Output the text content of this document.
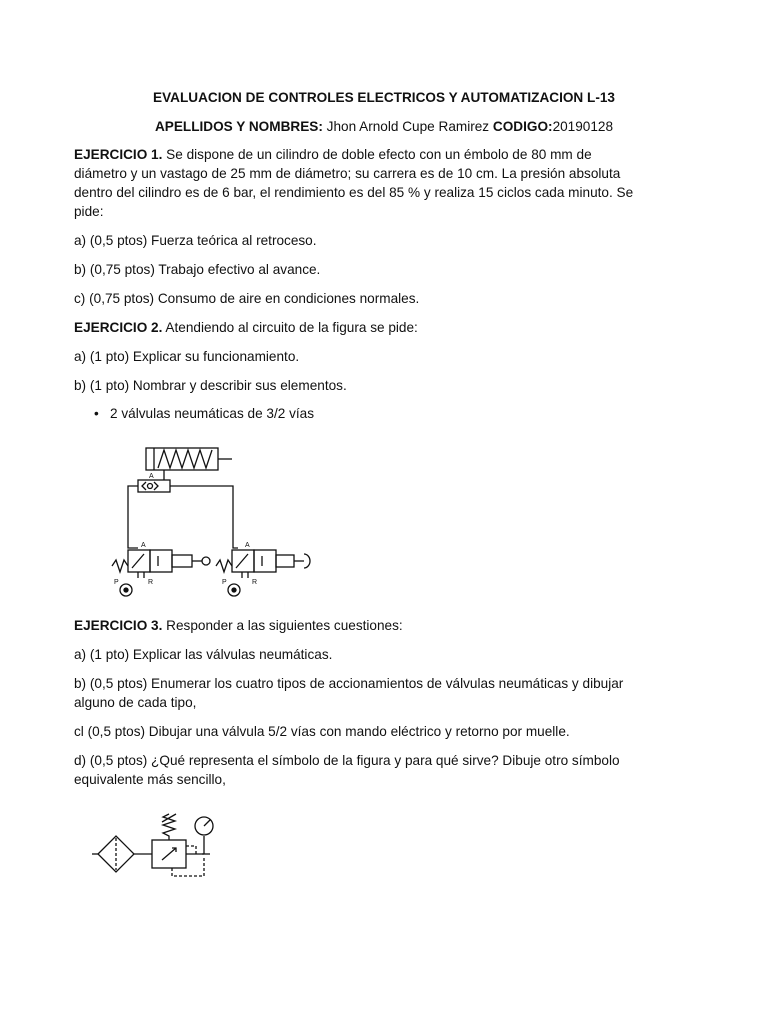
EVALUACION DE CONTROLES ELECTRICOS Y AUTOMATIZACION L-13
APELLIDOS Y NOMBRES: Jhon Arnold Cupe Ramirez CODIGO:20190128
EJERCICIO 1. Se dispone de un cilindro de doble efecto con un émbolo de 80 mm de
diámetro y un vastago de 25 mm de diámetro; su carrera es de 10 cm. La presión absoluta
dentro del cilindro es de 6 bar, el rendimiento es del 85 % y realiza 15 ciclos cada minuto. Se
pide:
a) (0,5 ptos) Fuerza teórica al retroceso.
b) (0,75 ptos) Trabajo efectivo al avance.
c) (0,75 ptos) Consumo de aire en condiciones normales.
EJERCICIO 2. Atendiendo al circuito de la figura se pide:
a) (1 pto) Explicar su funcionamiento.
b) (1 pto) Nombrar y describir sus elementos.
• 2 válvulas neumáticas de 3/2 vías
A
A	A
P	R	P	R
EJERCICIO 3. Responder a las siguientes cuestiones:
a) (1 pto) Explicar las válvulas neumáticas.
b) (0,5 ptos) Enumerar los cuatro tipos de accionamientos de válvulas neumáticas y dibujar
alguno de cada tipo,
cl (0,5 ptos) Dibujar una válvula 5/2 vías con mando eléctrico y retorno por muelle.
d) (0,5 ptos) ¿Qué representa el símbolo de la figura y para qué sirve? Dibuje otro símbolo
equivalente más sencillo,
